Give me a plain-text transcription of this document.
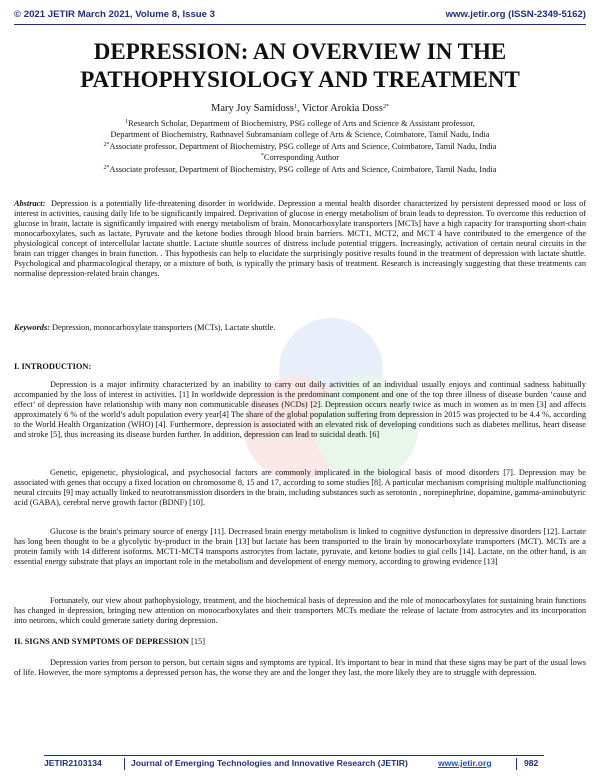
© 2021 JETIR March 2021, Volume 8, Issue 3	www.jetir.org (ISSN-2349-5162)
DEPRESSION: AN OVERVIEW IN THE
PATHOPHYSIOLOGY AND TREATMENT
Mary Joy Samidoss$^1$, Victor Arokia Doss$^{2*}$
$^1$Research Scholar, Department of Biochemistry, PSG college of Arts and Science & Assistant professor,
Department of Biochemistry, Rathnavel Subramaniam college of Arts & Science, Coimbatore, Tamil Nadu, India
$^{2*}$Associate professor, Department of Biochemistry, PSG college of Arts and Science, Coimbatore, Tamil Nadu, India
*Corresponding Author
$^{2*}$Associate professor, Department of Biochemistry, PSG college of Arts and Science, Coimbatore, Tamil Nadu, India

Abstract: Depression is a potentially life-threatening disorder in worldwide. Depression a mental health disorder characterized by persistent depressed mood or loss of interest in activities, causing daily life to be significantly impaired. Deprivation of glucose in energy metabolism of brain leads to depression. To overcome this reduction of glucose in brain, lactate is significantly impaired with energy metabolism of brain. Monocarboxylate transporters [MCTs] have a high capacity for transporting short-chain monocarboxylates, such as lactate, Pyruvate and the ketone bodies through blood brain barriers. MCT1, MCT2, and MCT 4 have contributed to the emergence of the physiological concept of intercellular lactate shuttle. Lactate shuttle sources of distress include potential triggers. Increasingly, activation of certain neural circuits in the brain can trigger changes in brain function. . This hypothesis can help to elucidate the surprisingly positive results found in the treatment of depression with lactate shuttle. Psychological and pharmacological therapy, or a mixture of both, is typically the primary basis of treatment. Research is increasingly suggesting that these treatments can normalise depression-related brain changes.

Keywords: Depression, monocarboxylate transporters (MCTs), Lactate shuttle.

I. INTRODUCTION:

Depression is a major infirmity characterized by an inability to carry out daily activities of an individual usually enjoys and continual sadness habitually accompanied by the loss of interest in activities. [1] In worldwide depression is the predominant component and one of the top three illness of disease burden ‘cause and effect’ of depression have relationship with many non communicable diseases (NCDs) [2]. Depression occurs nearly twice as much in women as in men [3] and affects approximately 6 % of the world’s adult population every year[4] The share of the global population suffering from depression in 2015 was projected to be 4.4 %, according to the World Health Organization (WHO) [4]. Furthermore, depression is associated with an elevated risk of developing conditions such as diabetes mellitus, heart disease and stroke [5], thus increasing its disease burden further. In addition, depression can lead to suicidal death. [6]

Genetic, epigenetic, physiological, and psychosocial factors are commonly implicated in the biological basis of mood disorders [7]. Depression may be associated with genes that occupy a fixed location on chromosome 8, 15 and 17, according to some studies [8]. A particular mechanism comprising multiple malfunctioning neural circuits [9] may actually linked to neurotransmission disorders in the brain, including substances such as serotonin , norepinephrine, dopamine, gamma-aminobutyric acid (GABA), cerebral nerve growth factor (BDNF) [10].

Glucose is the brain's primary source of energy [11]. Decreased brain energy metabolism is linked to cognitive dysfunction in depressive disorders [12]. Lactate has long been thought to be a glycolytic by-product in the brain [13] but lactate has been transported to the brain by monocarboxylate transporters (MCT). MCTs are a protein family with 14 different isoforms. MCT1-MCT4 transports astrocytes from lactate, pyruvate, and ketone bodies to gial cells [14]. Lactate, on the other hand, is an essential energy substrate that plays an important role in the metabolism and development of energy memory, according to growing evidence [13]

Fortunately, our view about pathophysiology, treatment, and the biochemical basis of depression and the role of monocarboxylates for sustaining brain functions has changed in depression, bringing new attention on monocarboxylates and their transporters MCTs mediate the release of lactate from astrocytes and its incorporation into neurons, which could generate satiety during depression.

II. SIGNS AND SYMPTOMS OF DEPRESSION [15]

Depression varies from person to person, but certain signs and symptoms are typical. It's important to bear in mind that these signs may be part of the usual lows of life. However, the more symptoms a depressed person has, the worse they are and the longer they last, the more likely they are to struggle with depression.

JETIR2103134	Journal of Emerging Technologies and Innovative Research (JETIR)	www.jetir.org	982
